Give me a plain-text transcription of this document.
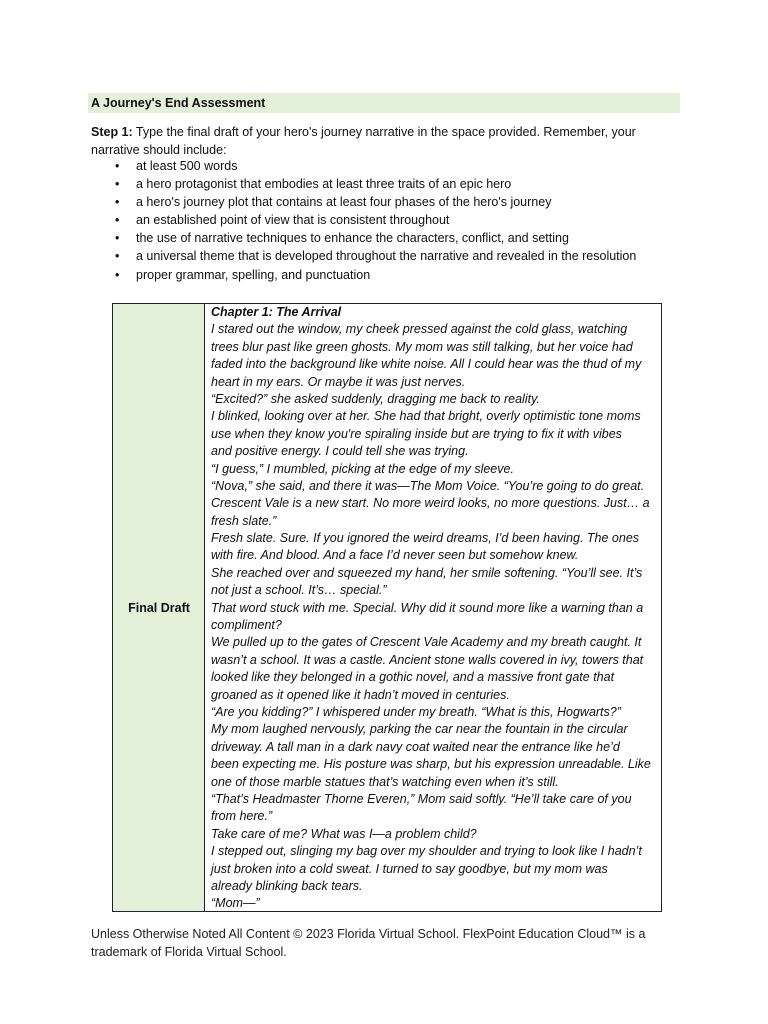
A Journey's End Assessment
Step 1: Type the final draft of your hero's journey narrative in the space provided. Remember, your
narrative should include:
• at least 500 words
• a hero protagonist that embodies at least three traits of an epic hero
• a hero's journey plot that contains at least four phases of the hero's journey
• an established point of view that is consistent throughout
• the use of narrative techniques to enhance the characters, conflict, and setting
• a universal theme that is developed throughout the narrative and revealed in the resolution
• proper grammar, spelling, and punctuation
Final Draft
Chapter 1: The Arrival
I stared out the window, my cheek pressed against the cold glass, watching
trees blur past like green ghosts. My mom was still talking, but her voice had
faded into the background like white noise. All I could hear was the thud of my
heart in my ears. Or maybe it was just nerves.
“Excited?” she asked suddenly, dragging me back to reality.
I blinked, looking over at her. She had that bright, overly optimistic tone moms
use when they know you're spiraling inside but are trying to fix it with vibes
and positive energy. I could tell she was trying.
“I guess,” I mumbled, picking at the edge of my sleeve.
“Nova,” she said, and there it was—The Mom Voice. “You’re going to do great.
Crescent Vale is a new start. No more weird looks, no more questions. Just… a
fresh slate.”
Fresh slate. Sure. If you ignored the weird dreams, I’d been having. The ones
with fire. And blood. And a face I’d never seen but somehow knew.
She reached over and squeezed my hand, her smile softening. “You’ll see. It’s
not just a school. It’s… special.”
That word stuck with me. Special. Why did it sound more like a warning than a
compliment?
We pulled up to the gates of Crescent Vale Academy and my breath caught. It
wasn’t a school. It was a castle. Ancient stone walls covered in ivy, towers that
looked like they belonged in a gothic novel, and a massive front gate that
groaned as it opened like it hadn’t moved in centuries.
“Are you kidding?” I whispered under my breath. “What is this, Hogwarts?”
My mom laughed nervously, parking the car near the fountain in the circular
driveway. A tall man in a dark navy coat waited near the entrance like he’d
been expecting me. His posture was sharp, but his expression unreadable. Like
one of those marble statues that’s watching even when it’s still.
“That’s Headmaster Thorne Everen,” Mom said softly. “He’ll take care of you
from here.”
Take care of me? What was I—a problem child?
I stepped out, slinging my bag over my shoulder and trying to look like I hadn’t
just broken into a cold sweat. I turned to say goodbye, but my mom was
already blinking back tears.
“Mom—”
Unless Otherwise Noted All Content © 2023 Florida Virtual School. FlexPoint Education Cloud™ is a
trademark of Florida Virtual School.
